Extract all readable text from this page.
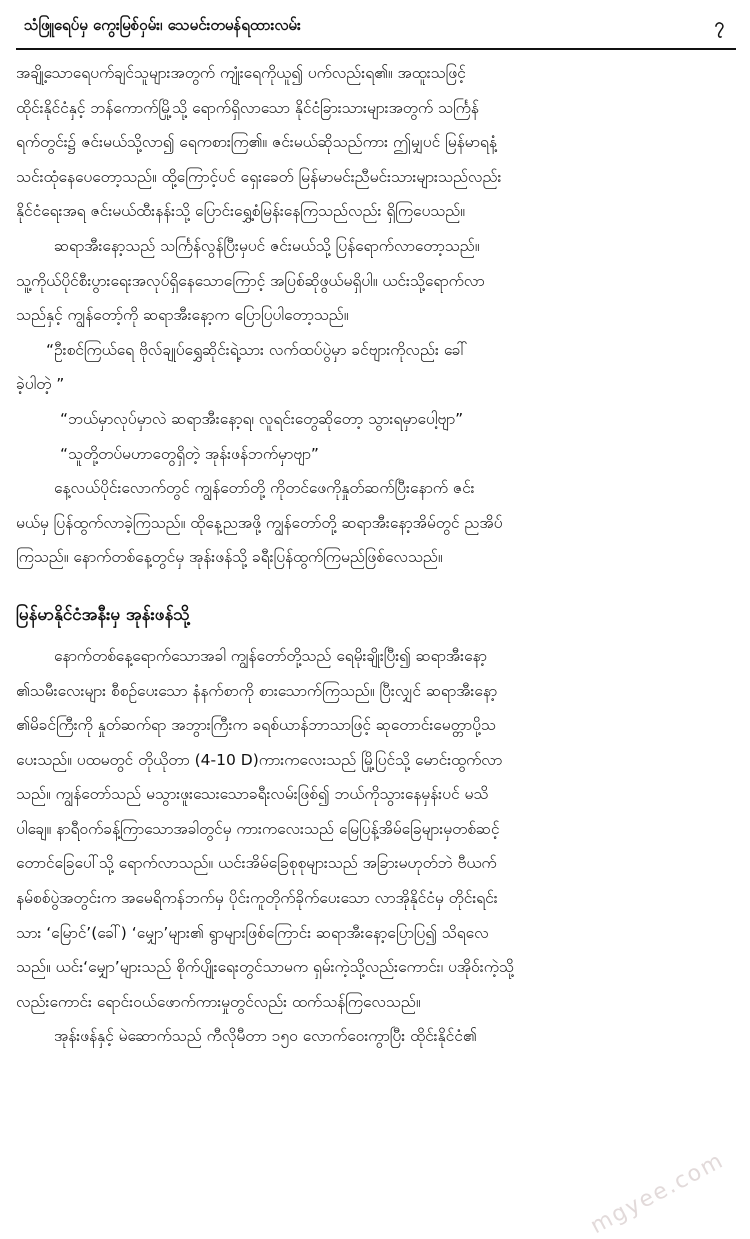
သံဖြူရေပ်မှ ကွေးမြစ်ဝှမ်း၊ သေမင်းတမန်ရထားလမ်း	၇
အချို့သောရေပက်ချင်သူများအတွက် ကျုံးရေကိုယူ၍ ပက်လည်းရ၏။ အထူးသဖြင့်
ထိုင်းနိုင်ငံနှင့် ဘန်ကောက်မြို့သို့ ရောက်ရှိလာသော နိုင်ငံခြားသားများအတွက် သင်္ကြန်
ရက်တွင်း၌ ဇင်းမယ်သို့လာ၍ ရေကစားကြ၏။ ဇင်းမယ်ဆိုသည်ကား ဤမျှပင် မြန်မာရနံ့
သင်းထုံနေပေတော့သည်။ ထို့ကြောင့်ပင် ရှေးခေတ် မြန်မာမင်းညီမင်းသားများသည်လည်း
နိုင်ငံရေးအရ ဇင်းမယ်ထီးနန်းသို့ ပြောင်းရွှေ့စံမြန်းနေကြသည်လည်း ရှိကြပေသည်။
ဆရာအီးနော့သည် သင်္ကြန်လွန်ပြီးမှပင် ဇင်းမယ်သို့ ပြန်ရောက်လာတော့သည်။
သူ့ကိုယ်ပိုင်စီးပွားရေးအလုပ်ရှိနေသောကြောင့် အပြစ်ဆိုဖွယ်မရှိပါ။ ယင်းသို့ရောက်လာ
သည်နှင့် ကျွန်တော့်ကို ဆရာအီးနော့က ပြောပြပါတော့သည်။
“ဦးစင်ကြယ်ရေ ဗိုလ်ချုပ်ရွှေဆိုင်းရဲ့သား လက်ထပ်ပွဲမှာ ခင်ဗျားကိုလည်း ခေါ်
ခဲ့ပါတဲ့ ”
“ဘယ်မှာလုပ်မှာလဲ ဆရာအီးနော့ရ၊ လူရင်းတွေဆိုတော့ သွားရမှာပေါ့ဗျာ”
“သူတို့တပ်မဟာတွေရှိတဲ့ အုန်းဖန်ဘက်မှာဗျာ”
နေ့လယ်ပိုင်းလောက်တွင် ကျွန်တော်တို့ ကိုတင်ဖေကိုနှုတ်ဆက်ပြီးနောက် ဇင်း
မယ်မှ ပြန်ထွက်လာခဲ့ကြသည်။ ထိုနေ့ညအဖို့ ကျွန်တော်တို့ ဆရာအီးနော့အိမ်တွင် ညအိပ်
ကြသည်။ နောက်တစ်နေ့တွင်မှ အုန်းဖန်သို့ ခရီးပြန်ထွက်ကြမည်ဖြစ်လေသည်။
မြန်မာနိုင်ငံအနီးမှ အုန်းဖန်သို့
နောက်တစ်နေ့ရောက်သောအခါ ကျွန်တော်တို့သည် ရေမိုးချိုးပြီး၍ ဆရာအီးနော့
၏သမီးလေးများ စီစဉ်ပေးသော နံနက်စာကို စားသောက်ကြသည်။ ပြီးလျှင် ဆရာအီးနော့
၏မိခင်ကြီးကို နှုတ်ဆက်ရာ အဘွားကြီးက ခရစ်ယာန်ဘာသာဖြင့် ဆုတောင်းမေတ္တာပို့သ
ပေးသည်။ ပထမတွင် တိုယိုတာ (4-10 D)ကားကလေးသည် မြို့ပြင်သို့ မောင်းထွက်လာ
သည်။ ကျွန်တော်သည် မသွားဖူးသေးသောခရီးလမ်းဖြစ်၍ ဘယ်ကိုသွားနေမှန်းပင် မသိ
ပါချေ။ နာရီဝက်ခန့်ကြာသောအခါတွင်မှ ကားကလေးသည် မြေပြန့်အိမ်ခြေများမှတစ်ဆင့်
တောင်ခြေပေါ်သို့ ရောက်လာသည်။ ယင်းအိမ်ခြေစုစုများသည် အခြားမဟုတ်ဘဲ ဗီယက်
နမ်စစ်ပွဲအတွင်းက အမေရိကန်ဘက်မှ ပိုင်းကူတိုက်ခိုက်ပေးသော လာအိုနိုင်ငံမှ တိုင်းရင်း
သား ‘မြောင်’(ခေါ်) ‘မျှော’များ၏ ရွာများဖြစ်ကြောင်း ဆရာအီးနော့ပြောပြ၍ သိရလေ
သည်။ ယင်း‘မျှော’များသည် စိုက်ပျိုးရေးတွင်သာမက ရှမ်းကဲ့သို့လည်းကောင်း၊ ပအိုဝ်းကဲ့သို့
လည်းကောင်း ရောင်းဝယ်ဖောက်ကားမှုတွင်လည်း ထက်သန်ကြလေသည်။
အုန်းဖန်နှင့် မဲဆောက်သည် ကီလိုမီတာ ၁၅၀ လောက်ဝေးကွာပြီး ထိုင်းနိုင်ငံ၏
mgyee.com
